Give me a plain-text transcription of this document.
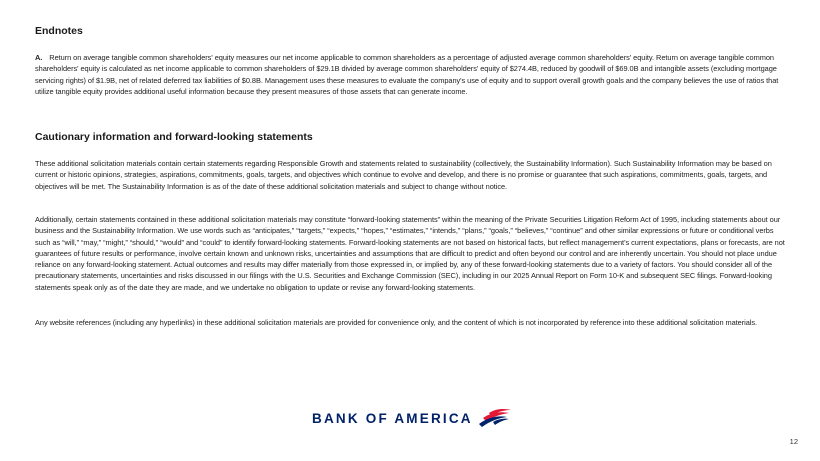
Endnotes

A. Return on average tangible common shareholders' equity measures our net income applicable to common shareholders as a percentage of adjusted average common shareholders' equity. Return on average tangible common shareholders' equity is calculated as net income applicable to common shareholders of $29.1B divided by average common shareholders' equity of $274.4B, reduced by goodwill of $69.0B and intangible assets (excluding mortgage servicing rights) of $1.9B, net of related deferred tax liabilities of $0.8B. Management uses these measures to evaluate the company's use of equity and to support overall growth goals and the company believes the use of ratios that utilize tangible equity provides additional useful information because they present measures of those assets that can generate income.

Cautionary information and forward-looking statements

These additional solicitation materials contain certain statements regarding Responsible Growth and statements related to sustainability (collectively, the Sustainability Information). Such Sustainability Information may be based on current or historic opinions, strategies, aspirations, commitments, goals, targets, and objectives which continue to evolve and develop, and there is no promise or guarantee that such aspirations, commitments, goals, targets, and objectives will be met. The Sustainability Information is as of the date of these additional solicitation materials and subject to change without notice.

Additionally, certain statements contained in these additional solicitation materials may constitute “forward-looking statements” within the meaning of the Private Securities Litigation Reform Act of 1995, including statements about our business and the Sustainability Information. We use words such as “anticipates,” “targets,” “expects,” “hopes,” “estimates,” “intends,” “plans,” “goals,” “believes,” “continue” and other similar expressions or future or conditional verbs such as “will,” “may,” “might,” “should,” “would” and “could” to identify forward-looking statements. Forward-looking statements are not based on historical facts, but reflect management’s current expectations, plans or forecasts, are not guarantees of future results or performance, involve certain known and unknown risks, uncertainties and assumptions that are difficult to predict and often beyond our control and are inherently uncertain. You should not place undue reliance on any forward-looking statement. Actual outcomes and results may differ materially from those expressed in, or implied by, any of these forward-looking statements due to a variety of factors. You should consider all of the precautionary statements, uncertainties and risks discussed in our filings with the U.S. Securities and Exchange Commission (SEC), including in our 2025 Annual Report on Form 10-K and subsequent SEC filings. Forward-looking statements speak only as of the date they are made, and we undertake no obligation to update or revise any forward-looking statements.

Any website references (including any hyperlinks) in these additional solicitation materials are provided for convenience only, and the content of which is not incorporated by reference into these additional solicitation materials.

BANK OF AMERICA
12
